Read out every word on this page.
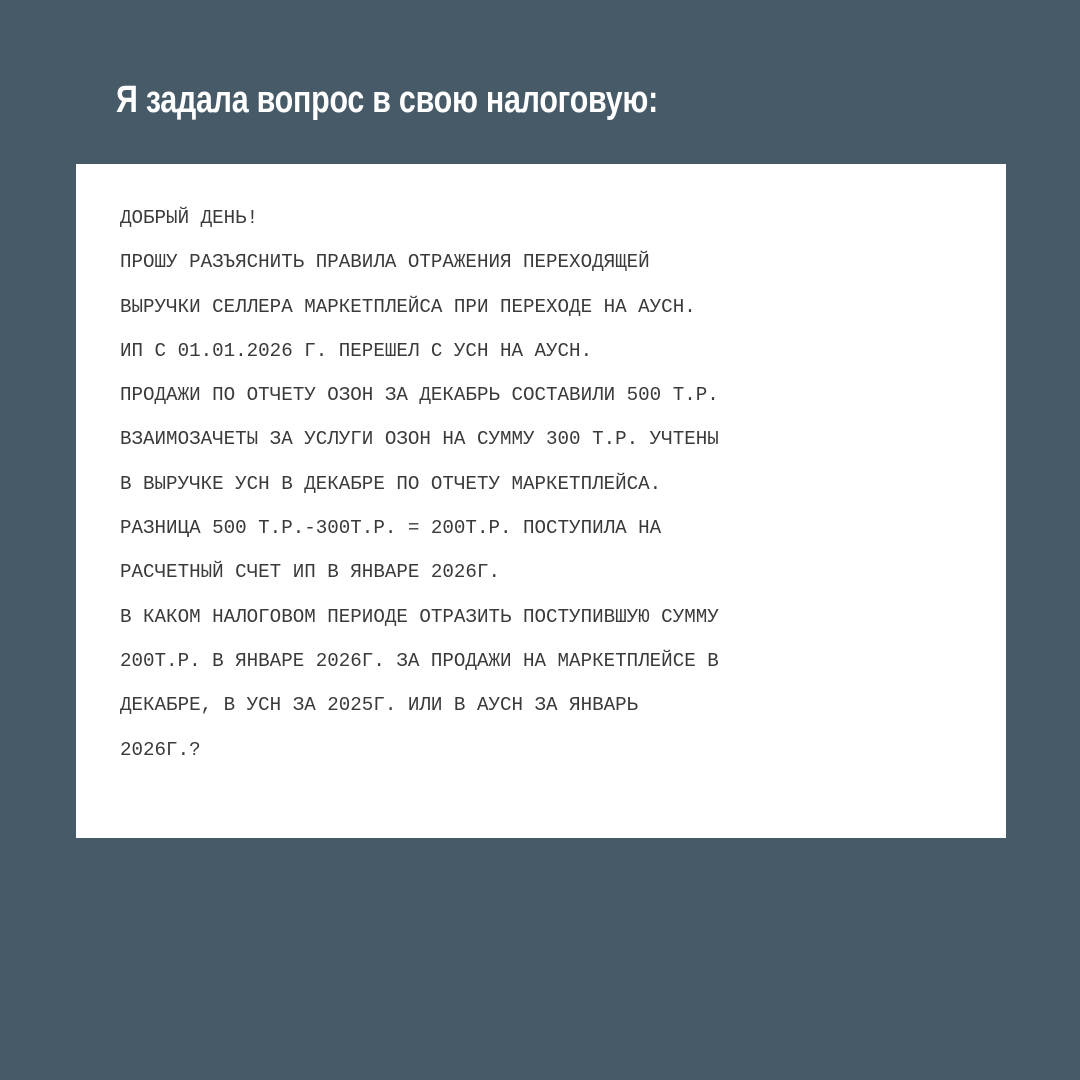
Я задала вопрос в свою налоговую:
ДОБРЫЙ ДЕНЬ!
ПРОШУ РАЗЪЯСНИТЬ ПРАВИЛА ОТРАЖЕНИЯ ПЕРЕХОДЯЩЕЙ
ВЫРУЧКИ СЕЛЛЕРА МАРКЕТПЛЕЙСА ПРИ ПЕРЕХОДЕ НА АУСН.
ИП С 01.01.2026 Г. ПЕРЕШЕЛ С УСН НА АУСН.
ПРОДАЖИ ПО ОТЧЕТУ ОЗОН ЗА ДЕКАБРЬ СОСТАВИЛИ 500 Т.Р.
ВЗАИМОЗАЧЕТЫ ЗА УСЛУГИ ОЗОН НА СУММУ 300 Т.Р. УЧТЕНЫ
В ВЫРУЧКЕ УСН В ДЕКАБРЕ ПО ОТЧЕТУ МАРКЕТПЛЕЙСА.
РАЗНИЦА 500 Т.Р.-300Т.Р. = 200Т.Р. ПОСТУПИЛА НА
РАСЧЕТНЫЙ СЧЕТ ИП В ЯНВАРЕ 2026Г.
В КАКОМ НАЛОГОВОМ ПЕРИОДЕ ОТРАЗИТЬ ПОСТУПИВШУЮ СУММУ
200Т.Р. В ЯНВАРЕ 2026Г. ЗА ПРОДАЖИ НА МАРКЕТПЛЕЙСЕ В
ДЕКАБРЕ, В УСН ЗА 2025Г. ИЛИ В АУСН ЗА ЯНВАРЬ
2026Г.?
